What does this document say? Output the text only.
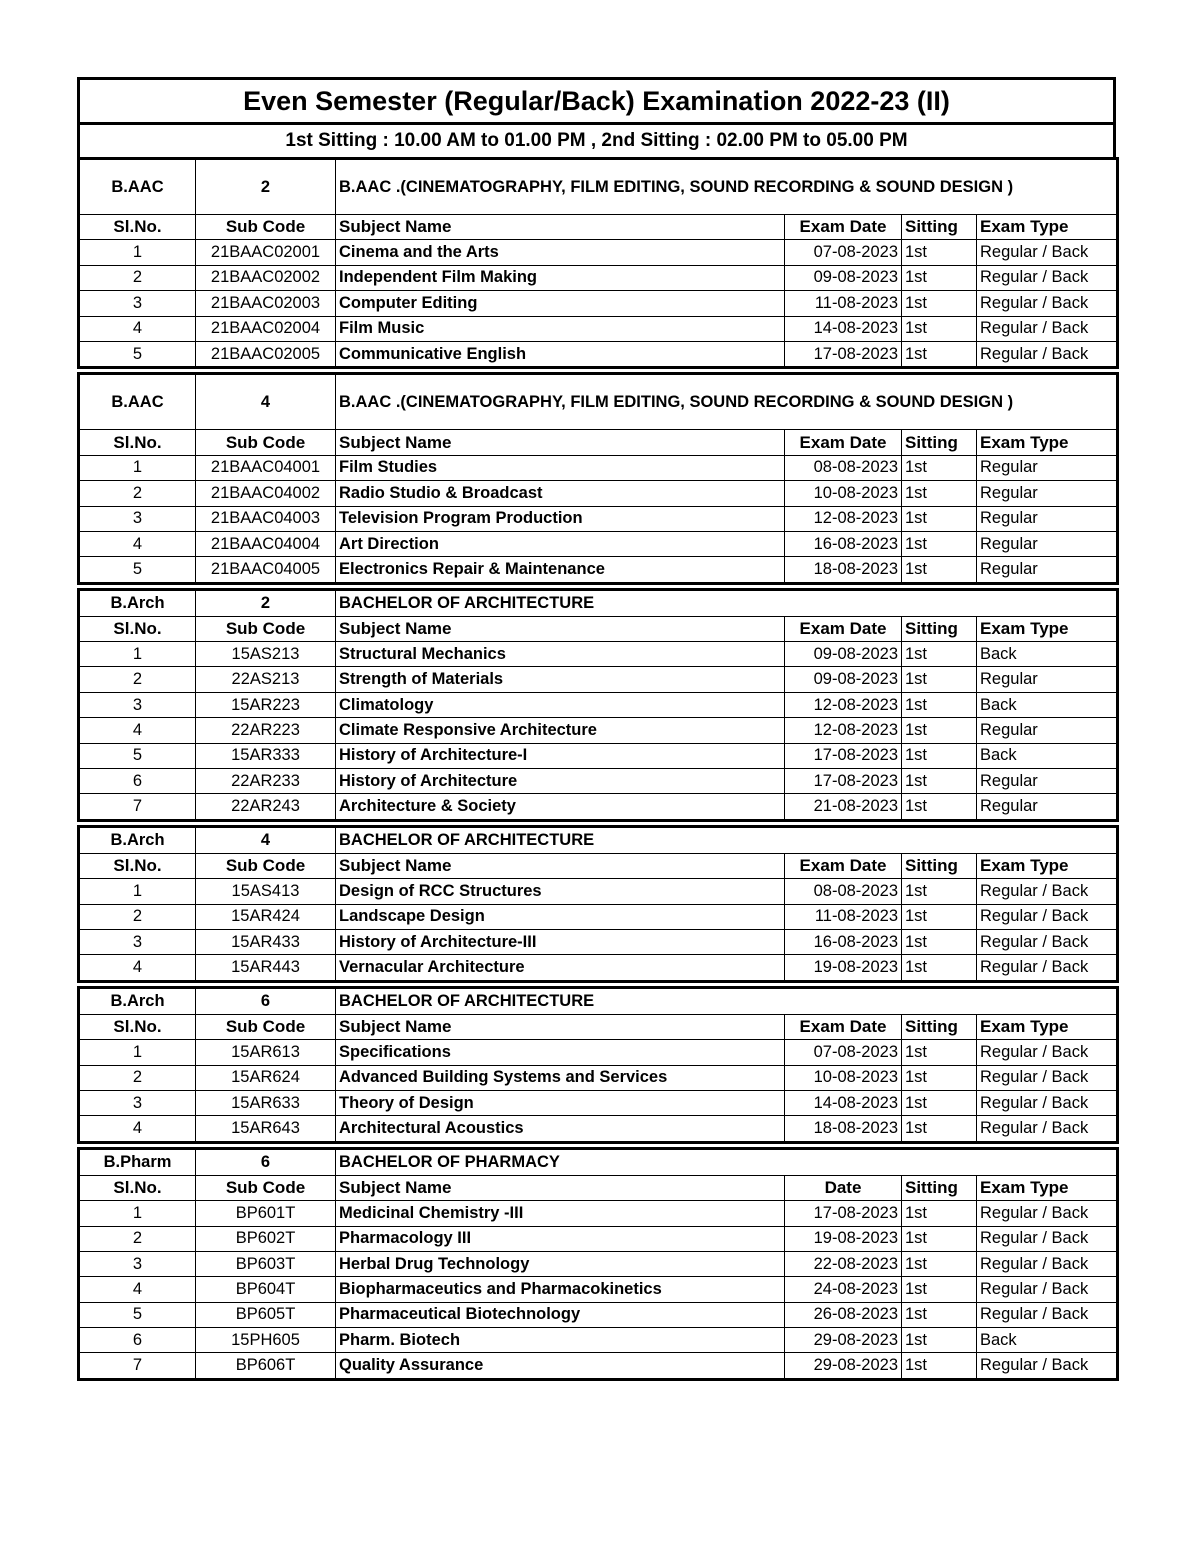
Even Semester (Regular/Back) Examination 2022-23 (II)
1st Sitting : 10.00 AM to 01.00 PM , 2nd Sitting : 02.00 PM to 05.00 PM
B.AAC	2	B.AAC .(CINEMATOGRAPHY, FILM EDITING, SOUND RECORDING & SOUND DESIGN )			
Sl.No.	Sub Code	Subject Name	Exam Date	Sitting	Exam Type
1	21BAAC02001	Cinema and the Arts	07-08-2023	1st	Regular / Back
2	21BAAC02002	Independent Film Making	09-08-2023	1st	Regular / Back
3	21BAAC02003	Computer Editing	11-08-2023	1st	Regular / Back
4	21BAAC02004	Film Music	14-08-2023	1st	Regular / Back
5	21BAAC02005	Communicative English	17-08-2023	1st	Regular / Back
B.AAC	4	B.AAC .(CINEMATOGRAPHY, FILM EDITING, SOUND RECORDING & SOUND DESIGN )			
Sl.No.	Sub Code	Subject Name	Exam Date	Sitting	Exam Type
1	21BAAC04001	Film Studies	08-08-2023	1st	Regular
2	21BAAC04002	Radio Studio & Broadcast	10-08-2023	1st	Regular
3	21BAAC04003	Television Program Production	12-08-2023	1st	Regular
4	21BAAC04004	Art Direction	16-08-2023	1st	Regular
5	21BAAC04005	Electronics Repair & Maintenance	18-08-2023	1st	Regular
B.Arch	2	BACHELOR OF ARCHITECTURE			
Sl.No.	Sub Code	Subject Name	Exam Date	Sitting	Exam Type
1	15AS213	Structural Mechanics	09-08-2023	1st	Back
2	22AS213	Strength of Materials	09-08-2023	1st	Regular
3	15AR223	Climatology	12-08-2023	1st	Back
4	22AR223	Climate Responsive Architecture	12-08-2023	1st	Regular
5	15AR333	History of Architecture-I	17-08-2023	1st	Back
6	22AR233	History of Architecture	17-08-2023	1st	Regular
7	22AR243	Architecture & Society	21-08-2023	1st	Regular
B.Arch	4	BACHELOR OF ARCHITECTURE			
Sl.No.	Sub Code	Subject Name	Exam Date	Sitting	Exam Type
1	15AS413	Design of RCC Structures	08-08-2023	1st	Regular / Back
2	15AR424	Landscape Design	11-08-2023	1st	Regular / Back
3	15AR433	History of Architecture-III	16-08-2023	1st	Regular / Back
4	15AR443	Vernacular Architecture	19-08-2023	1st	Regular / Back
B.Arch	6	BACHELOR OF ARCHITECTURE			
Sl.No.	Sub Code	Subject Name	Exam Date	Sitting	Exam Type
1	15AR613	Specifications	07-08-2023	1st	Regular / Back
2	15AR624	Advanced Building Systems and Services	10-08-2023	1st	Regular / Back
3	15AR633	Theory of Design	14-08-2023	1st	Regular / Back
4	15AR643	Architectural Acoustics	18-08-2023	1st	Regular / Back
B.Pharm	6	BACHELOR OF PHARMACY			
Sl.No.	Sub Code	Subject Name	Date	Sitting	Exam Type
1	BP601T	Medicinal Chemistry -III	17-08-2023	1st	Regular / Back
2	BP602T	Pharmacology III	19-08-2023	1st	Regular / Back
3	BP603T	Herbal Drug Technology	22-08-2023	1st	Regular / Back
4	BP604T	Biopharmaceutics and Pharmacokinetics	24-08-2023	1st	Regular / Back
5	BP605T	Pharmaceutical Biotechnology	26-08-2023	1st	Regular / Back
6	15PH605	Pharm. Biotech	29-08-2023	1st	Back
7	BP606T	Quality Assurance	29-08-2023	1st	Regular / Back
